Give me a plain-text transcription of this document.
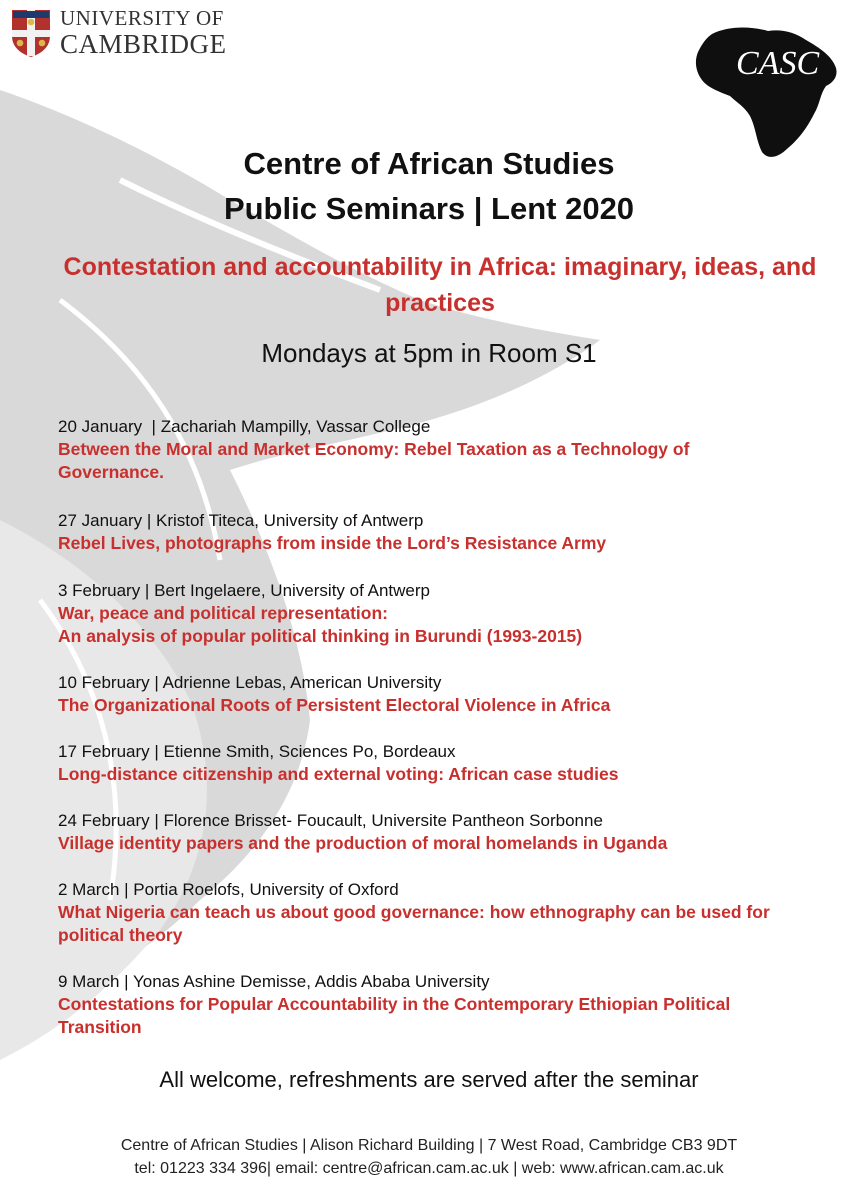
UNIVERSITY OF
CAMBRIDGE
CASC
Centre of African Studies
Public Seminars | Lent 2020
Contestation and accountability in Africa: imaginary, ideas, and practices
Mondays at 5pm in Room S1
20 January  | Zachariah Mampilly, Vassar College
Between the Moral and Market Economy: Rebel Taxation as a Technology of
Governance.
27 January | Kristof Titeca, University of Antwerp
Rebel Lives, photographs from inside the Lord’s Resistance Army
3 February | Bert Ingelaere, University of Antwerp
War, peace and political representation:
An analysis of popular political thinking in Burundi (1993-2015)
10 February | Adrienne Lebas, American University
The Organizational Roots of Persistent Electoral Violence in Africa
17 February | Etienne Smith, Sciences Po, Bordeaux
Long-distance citizenship and external voting: African case studies
24 February | Florence Brisset- Foucault, Universite Pantheon Sorbonne
Village identity papers and the production of moral homelands in Uganda
2 March | Portia Roelofs, University of Oxford
What Nigeria can teach us about good governance: how ethnography can be used for
political theory
9 March | Yonas Ashine Demisse, Addis Ababa University
Contestations for Popular Accountability in the Contemporary Ethiopian Political
Transition
All welcome, refreshments are served after the seminar
Centre of African Studies | Alison Richard Building | 7 West Road, Cambridge CB3 9DT
tel: 01223 334 396| email: centre@african.cam.ac.uk | web: www.african.cam.ac.uk
